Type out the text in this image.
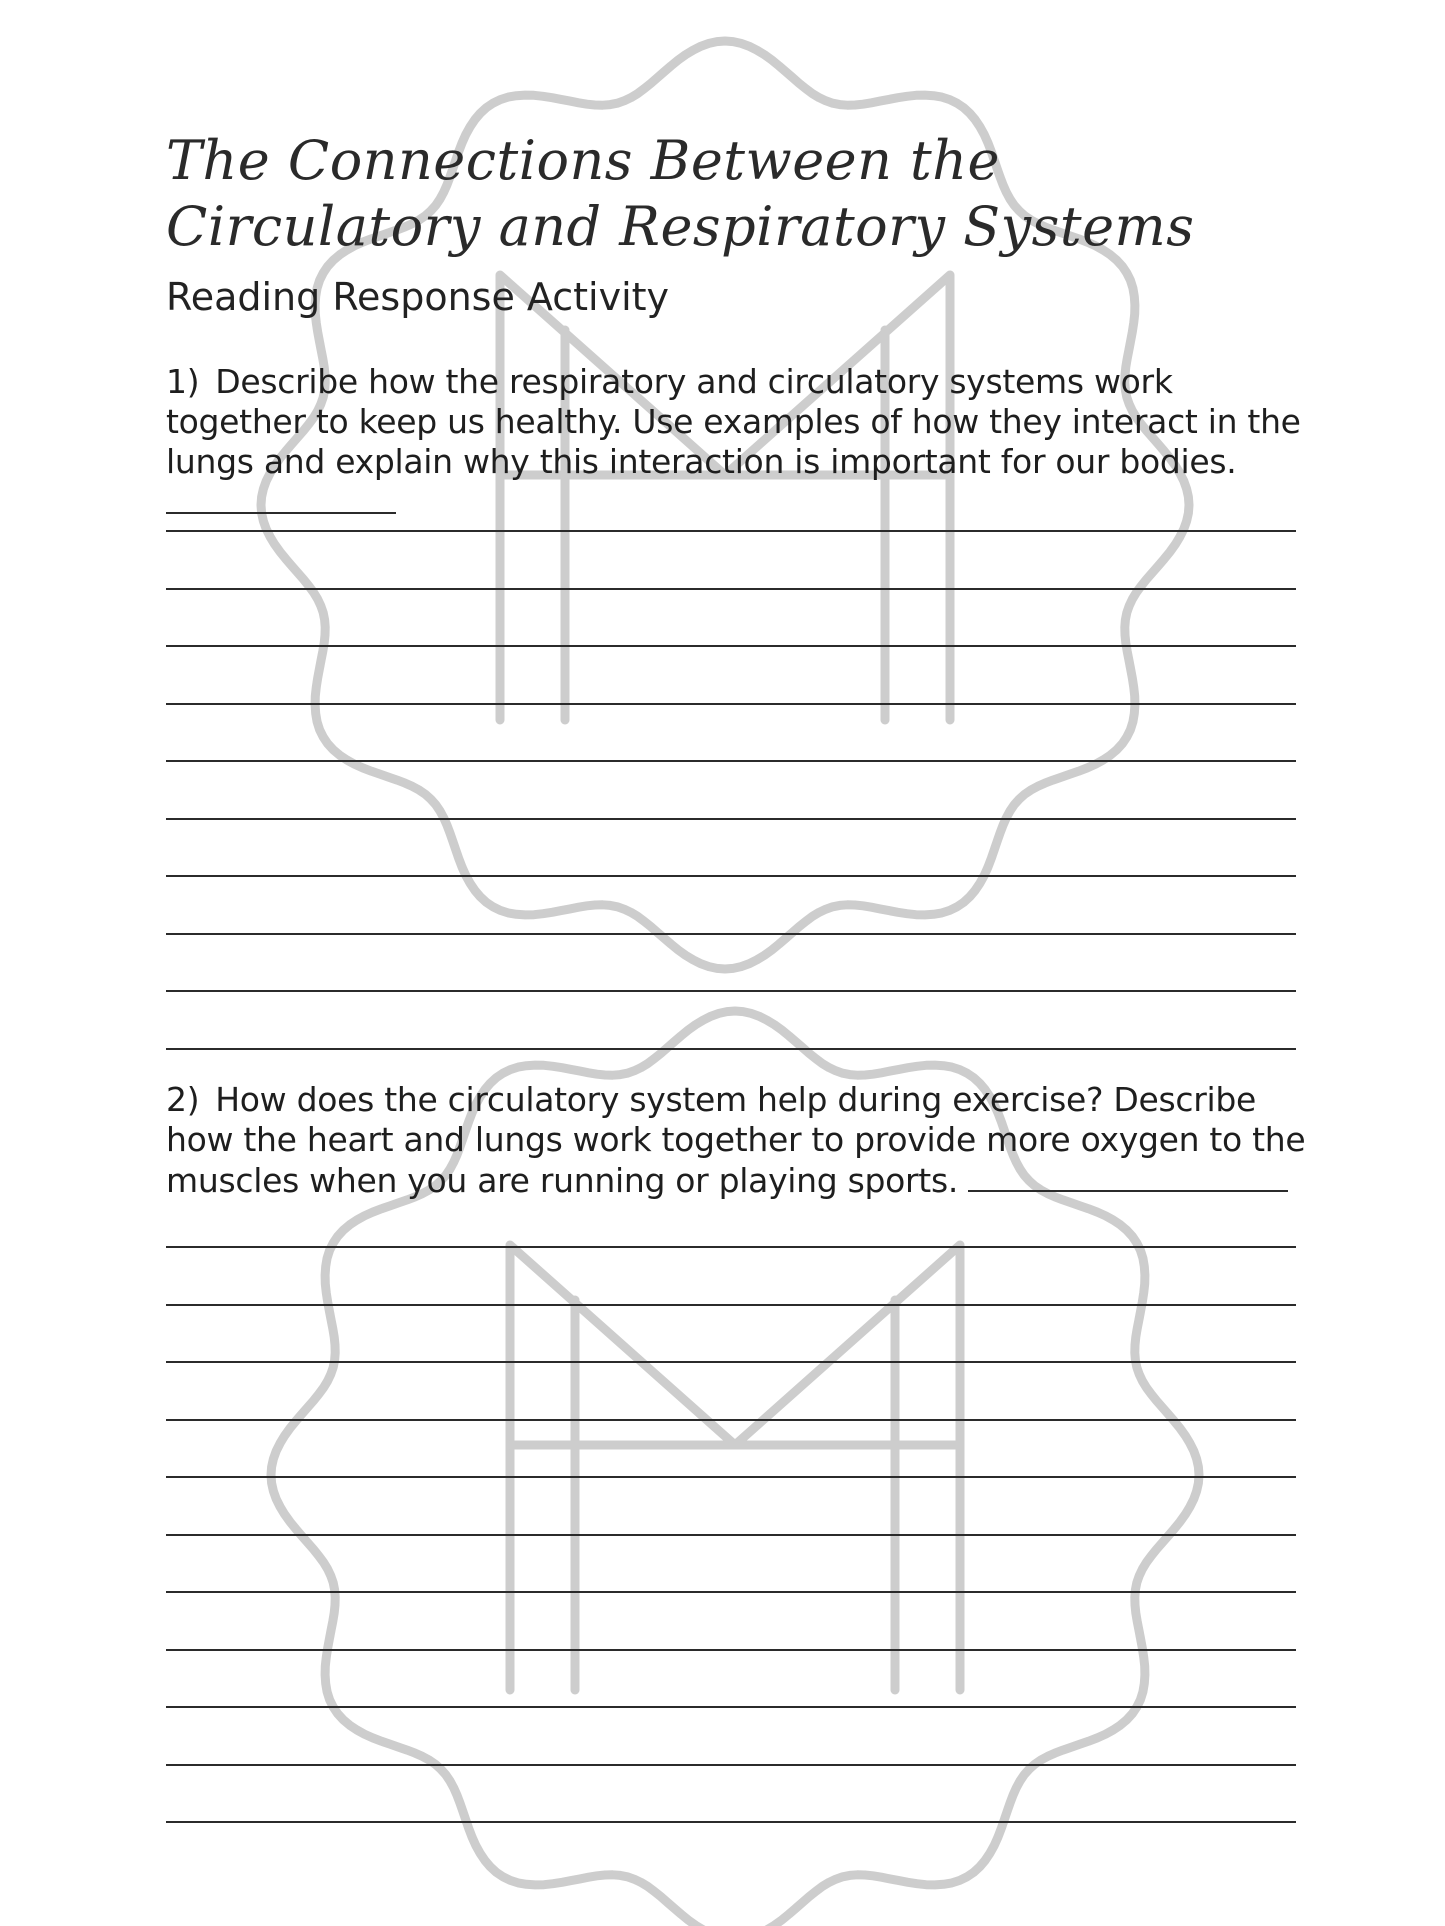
The Connections Between the Circulatory and Respiratory Systems
Reading Response Activity

1) Describe how the respiratory and circulatory systems work together to keep us healthy. Use examples of how they interact in the lungs and explain why this interaction is important for our bodies.

2) How does the circulatory system help during exercise? Describe how the heart and lungs work together to provide more oxygen to the muscles when you are running or playing sports.
